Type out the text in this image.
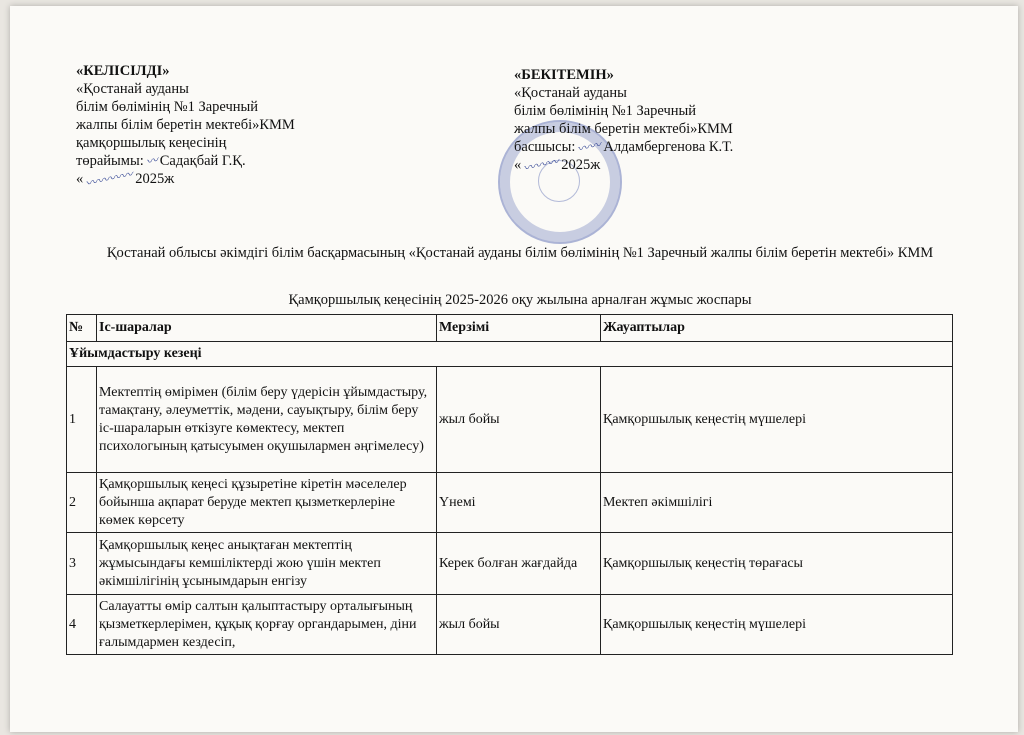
«КЕЛІСІЛДІ»
«Қостанай ауданы
білім бөлімінің №1 Заречный
жалпы білім беретін мектебі»КММ
қамқоршылық кеңесінің
төрайымы:〰Садақбай Г.Қ.
«〰〰〰〰2025ж
«БЕКІТЕМІН»
«Қостанай ауданы
білім бөлімінің №1 Заречный
жалпы білім беретін мектебі»КММ
басшысы:〰〰Алдамбергенова К.Т.
«〰〰〰2025ж
Қостанай облысы әкімдігі білім басқармасының «Қостанай ауданы білім бөлімінің №1 Заречный жалпы білім беретін мектебі» КММ
Қамқоршылық кеңесінің 2025-2026 оқу жылына арналған жұмыс жоспары
№	Іс-шаралар	Мерзімі	Жауаптылар
Ұйымдастыру кезеңі			
1	Мектептің өмірімен (білім беру үдерісін ұйымдастыру, тамақтану, әлеуметтік, мәдени, сауықтыру, білім беру іс-шараларын өткізуге көмектесу, мектеп психологының қатысуымен оқушылармен әңгімелесу)	жыл бойы	Қамқоршылық кеңестің мүшелері
2	Қамқоршылық кеңесі құзыретіне кіретін мәселелер бойынша ақпарат беруде мектеп қызметкерлеріне көмек көрсету	Үнемі	Мектеп әкімшілігі
3	Қамқоршылық кеңес анықтаған мектептің жұмысындағы кемшіліктерді жою үшін мектеп әкімшілігінің ұсынымдарын енгізу	Керек болған жағдайда	Қамқоршылық кеңестің төрағасы
4	Салауатты өмір салтын қалыптастыру орталығының қызметкерлерімен, құқық қорғау органдарымен, діни ғалымдармен кездесіп,	жыл бойы	Қамқоршылық кеңестің мүшелері
